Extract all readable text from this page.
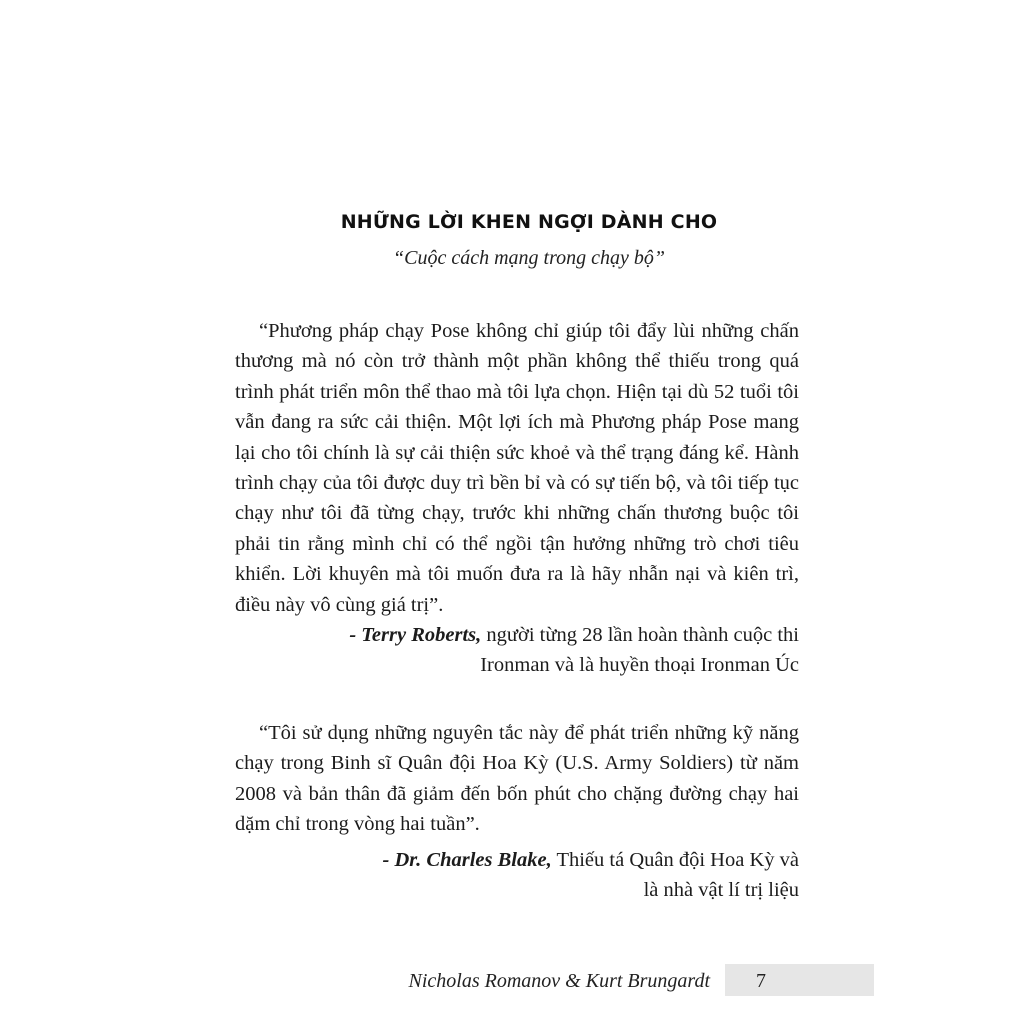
NHỮNG LỜI KHEN NGỢI DÀNH CHO
“Cuộc cách mạng trong chạy bộ”

“Phương pháp chạy Pose không chỉ giúp tôi đẩy lùi những chấn thương mà nó còn trở thành một phần không thể thiếu trong quá trình phát triển môn thể thao mà tôi lựa chọn. Hiện tại dù 52 tuổi tôi vẫn đang ra sức cải thiện. Một lợi ích mà Phương pháp Pose mang lại cho tôi chính là sự cải thiện sức khoẻ và thể trạng đáng kể. Hành trình chạy của tôi được duy trì bền bỉ và có sự tiến bộ, và tôi tiếp tục chạy như tôi đã từng chạy, trước khi những chấn thương buộc tôi phải tin rằng mình chỉ có thể ngồi tận hưởng những trò chơi tiêu khiển. Lời khuyên mà tôi muốn đưa ra là hãy nhẫn nại và kiên trì, điều này vô cùng giá trị”.

- Terry Roberts, người từng 28 lần hoàn thành cuộc thi
Ironman và là huyền thoại Ironman Úc

“Tôi sử dụng những nguyên tắc này để phát triển những kỹ năng chạy trong Binh sĩ Quân đội Hoa Kỳ (U.S. Army Soldiers) từ năm 2008 và bản thân đã giảm đến bốn phút cho chặng đường chạy hai dặm chỉ trong vòng hai tuần”.

- Dr. Charles Blake, Thiếu tá Quân đội Hoa Kỳ và
là nhà vật lí trị liệu
Nicholas Romanov & Kurt Brungardt 7
